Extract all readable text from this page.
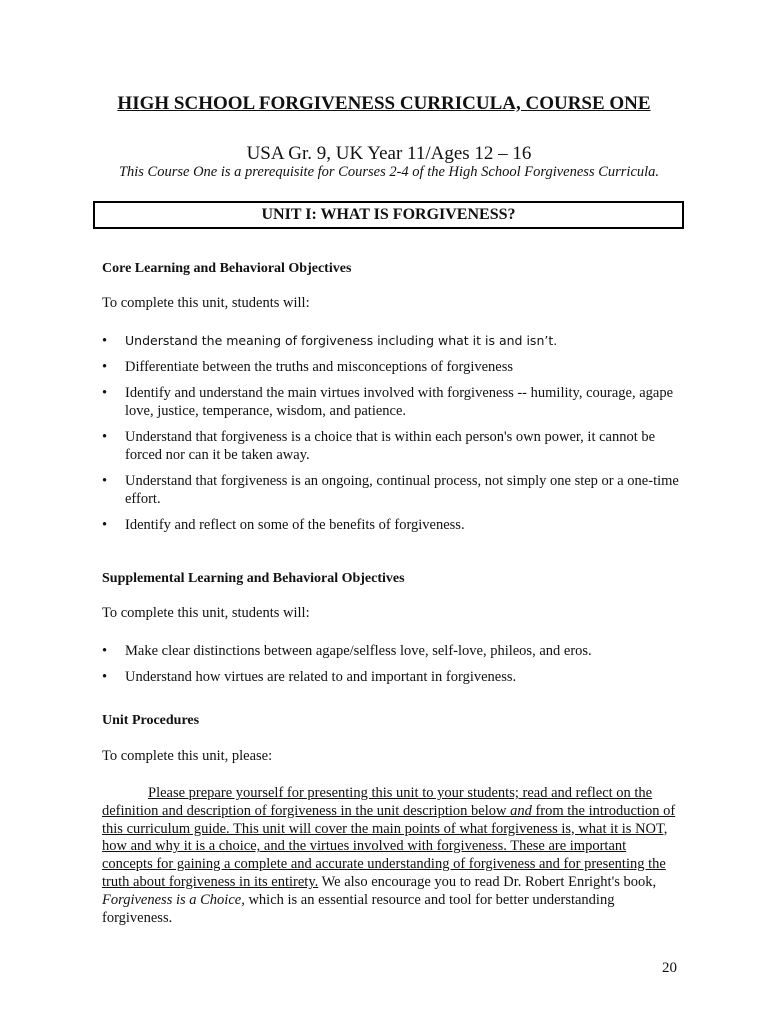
HIGH SCHOOL FORGIVENESS CURRICULA, COURSE ONE
USA Gr. 9, UK Year 11/Ages 12 – 16
This Course One is a prerequisite for Courses 2-4 of the High School Forgiveness Curricula.
UNIT I: WHAT IS FORGIVENESS?
Core Learning and Behavioral Objectives
To complete this unit, students will:
• Understand the meaning of forgiveness including what it is and isn’t.
• Differentiate between the truths and misconceptions of forgiveness
• Identify and understand the main virtues involved with forgiveness -- humility, courage, agape love, justice, temperance, wisdom, and patience.
• Understand that forgiveness is a choice that is within each person's own power, it cannot be forced nor can it be taken away.
• Understand that forgiveness is an ongoing, continual process, not simply one step or a one-time effort.
• Identify and reflect on some of the benefits of forgiveness.
Supplemental Learning and Behavioral Objectives
To complete this unit, students will:
• Make clear distinctions between agape/selfless love, self-love, phileos, and eros.
• Understand how virtues are related to and important in forgiveness.
Unit Procedures
To complete this unit, please:
Please prepare yourself for presenting this unit to your students; read and reflect on the definition and description of forgiveness in the unit description below and from the introduction of this curriculum guide. This unit will cover the main points of what forgiveness is, what it is NOT, how and why it is a choice, and the virtues involved with forgiveness. These are important concepts for gaining a complete and accurate understanding of forgiveness and for presenting the truth about forgiveness in its entirety. We also encourage you to read Dr. Robert Enright's book, Forgiveness is a Choice, which is an essential resource and tool for better understanding forgiveness.
20
